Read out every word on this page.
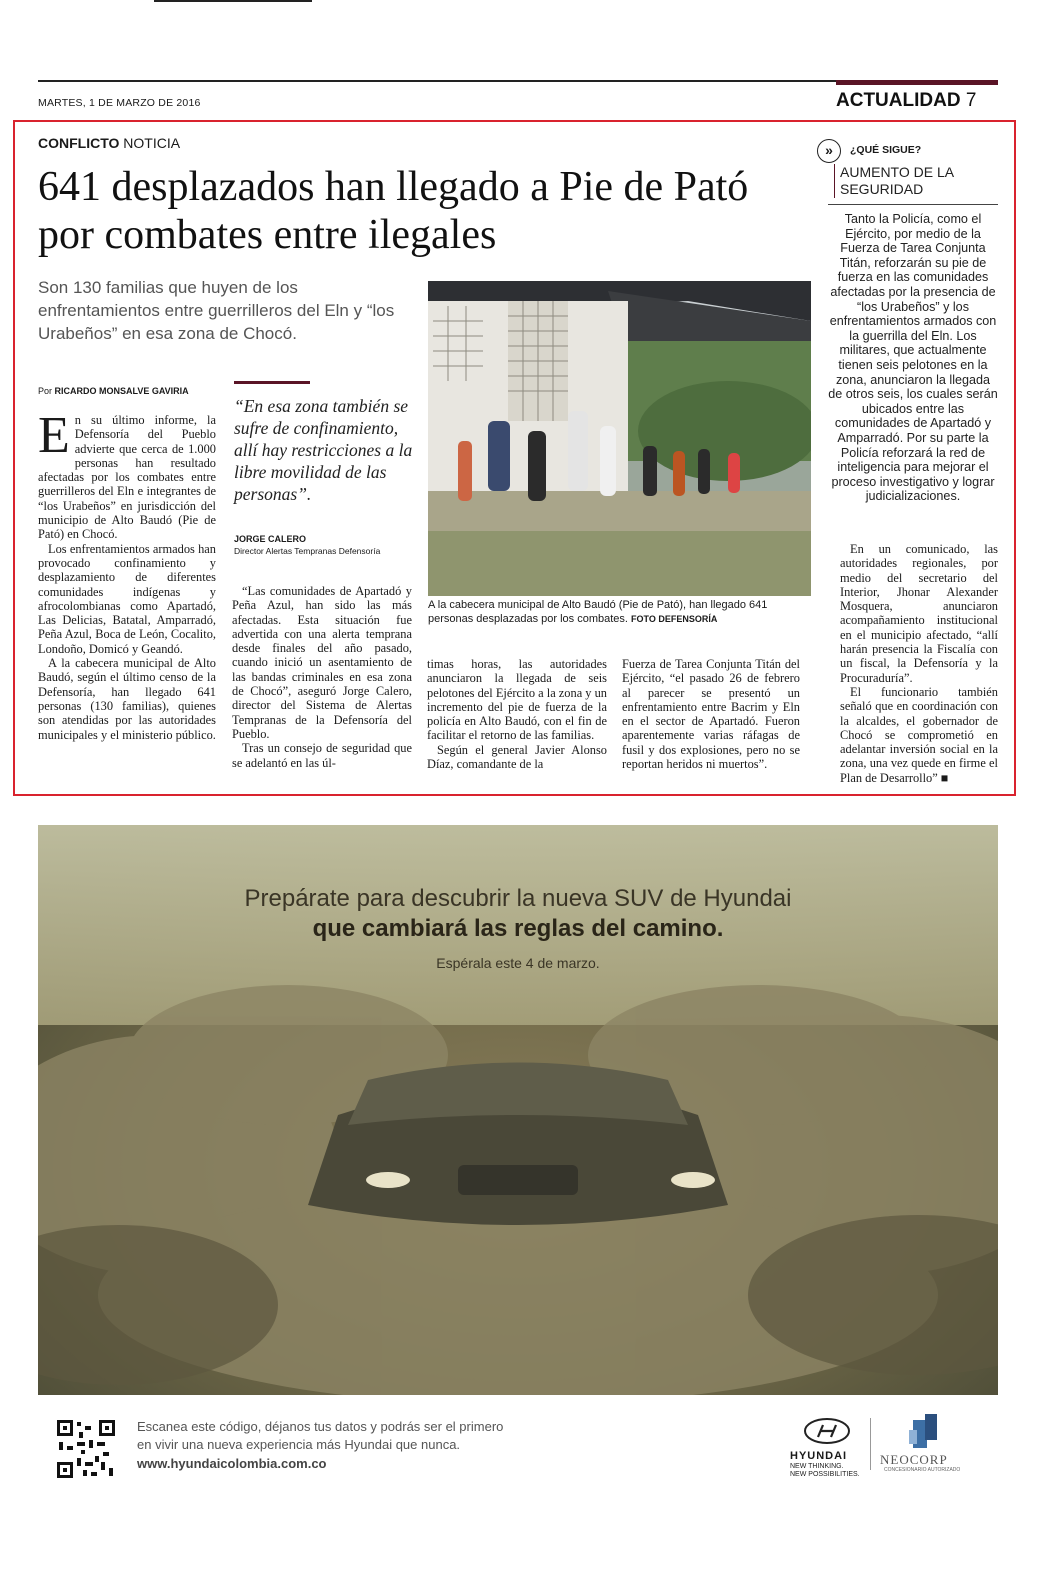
MARTES, 1 DE MARZO DE 2016	ACTUALIDAD 7
CONFLICTO NOTICIA
641 desplazados han llegado a Pie de Pató por combates entre ilegales
Son 130 familias que huyen de los enfrentamientos entre guerrilleros del Eln y “los Urabeños” en esa zona de Chocó.
Por RICARDO MONSALVE GAVIRIA

En su último informe, la Defensoría del Pueblo advierte que cerca de 1.000 personas han resultado afectadas por los combates entre guerrilleros del Eln e integrantes de “los Urabeños” en jurisdicción del municipio de Alto Baudó (Pie de Pató) en Chocó.

Los enfrentamientos armados han provocado confinamiento y desplazamiento de diferentes comunidades indígenas y afrocolombianas como Apartadó, Las Delicias, Batatal, Amparradó, Peña Azul, Boca de León, Cocalito, Londoño, Domicó y Geandó.

A la cabecera municipal de Alto Baudó, según el último censo de la Defensoría, han llegado 641 personas (130 familias), quienes son atendidas por las autoridades municipales y el ministerio público.

“En esa zona también se sufre de confinamiento, allí hay restricciones a la libre movilidad de las personas”.
JORGE CALERO
Director Alertas Tempranas Defensoría

“Las comunidades de Apartadó y Peña Azul, han sido las más afectadas. Esta situación fue advertida con una alerta temprana desde finales del año pasado, cuando inició un asentamiento de las bandas criminales en esa zona de Chocó”, aseguró Jorge Calero, director del Sistema de Alertas Tempranas de la Defensoría del Pueblo.

Tras un consejo de seguridad que se adelantó en las úl-

A la cabecera municipal de Alto Baudó (Pie de Pató), han llegado 641 personas desplazadas por los combates. FOTO DEFENSORÍA

timas horas, las autoridades anunciaron la llegada de seis pelotones del Ejército a la zona y un incremento del pie de fuerza de la policía en Alto Baudó, con el fin de facilitar el retorno de las familias.

Según el general Javier Alonso Díaz, comandante de la

Fuerza de Tarea Conjunta Titán del Ejército, “el pasado 26 de febrero al parecer se presentó un enfrentamiento entre Bacrim y Eln en el sector de Apartadó. Fueron aparentemente varias ráfagas de fusil y dos explosiones, pero no se reportan heridos ni muertos”.

»	¿QUÉ SIGUE?
AUMENTO DE LA SEGURIDAD
Tanto la Policía, como el Ejército, por medio de la Fuerza de Tarea Conjunta Titán, reforzarán su pie de fuerza en las comunidades afectadas por la presencia de “los Urabeños” y los enfrentamientos armados con la guerrilla del Eln. Los militares, que actualmente tienen seis pelotones en la zona, anunciaron la llegada de otros seis, los cuales serán ubicados entre las comunidades de Apartadó y Amparradó. Por su parte la Policía reforzará la red de inteligencia para mejorar el proceso investigativo y lograr judicializaciones.

En un comunicado, las autoridades regionales, por medio del secretario del Interior, Jhonar Alexander Mosquera, anunciaron acompañamiento institucional en el municipio afectado, “allí harán presencia la Fiscalía con un fiscal, la Defensoría y la Procuraduría”.

El funcionario también señaló que en coordinación con la alcaldes, el gobernador de Chocó se comprometió en adelantar inversión social en la zona, una vez quede en firme el Plan de Desarrollo” ■

Prepárate para descubrir la nueva SUV de Hyundai
que cambiará las reglas del camino.
Espérala este 4 de marzo.
Escanea este código, déjanos tus datos y podrás ser el primero
en vivir una nueva experiencia más Hyundai que nunca.
www.hyundaicolombia.com.co	HYUNDAI
NEW THINKING.
NEW POSSIBILITIES.
NEOCORP
CONCESIONARIO AUTORIZADO
